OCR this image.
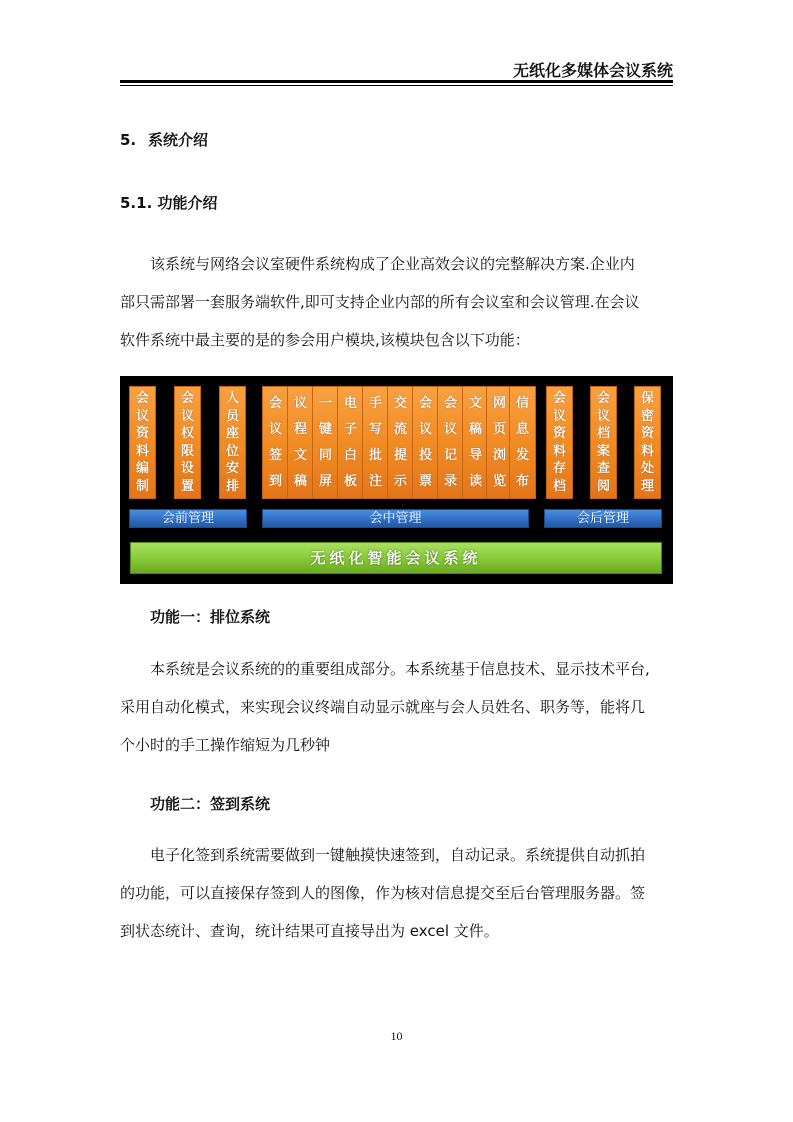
无纸化多媒体会议系统
5. 系统介绍
5.1. 功能介绍

该系统与网络会议室硬件系统构成了企业高效会议的完整解决方案.企业内

部只需部署一套服务端软件,即可支持企业内部的所有会议室和会议管理.在会议

软件系统中最主要的是的参会用户模块,该模块包含以下功能：

会
议
资
料
编
制
会
议
权
限
设
置
人
员
座
位
安
排
会
议
签
到
议
程
文
稿
一
键
同
屏
电
子
白
板
手
写
批
注
交
流
提
示
会
议
投
票
会
议
记
录
文
稿
导
读
网
页
浏
览
信
息
发
布
会
议
资
料
存
档
会
议
档
案
查
阅
保
密
资
料
处
理
会前管理	会中管理	会后管理
无纸化智能会议系统
功能一：排位系统

本系统是会议系统的的重要组成部分。本系统基于信息技术、显示技术平台,

采用自动化模式，来实现会议终端自动显示就座与会人员姓名、职务等，能将几

个小时的手工操作缩短为几秒钟

功能二：签到系统

电子化签到系统需要做到一键触摸快速签到，自动记录。系统提供自动抓拍

的功能，可以直接保存签到人的图像，作为核对信息提交至后台管理服务器。签

到状态统计、查询，统计结果可直接导出为 excel 文件。

10
